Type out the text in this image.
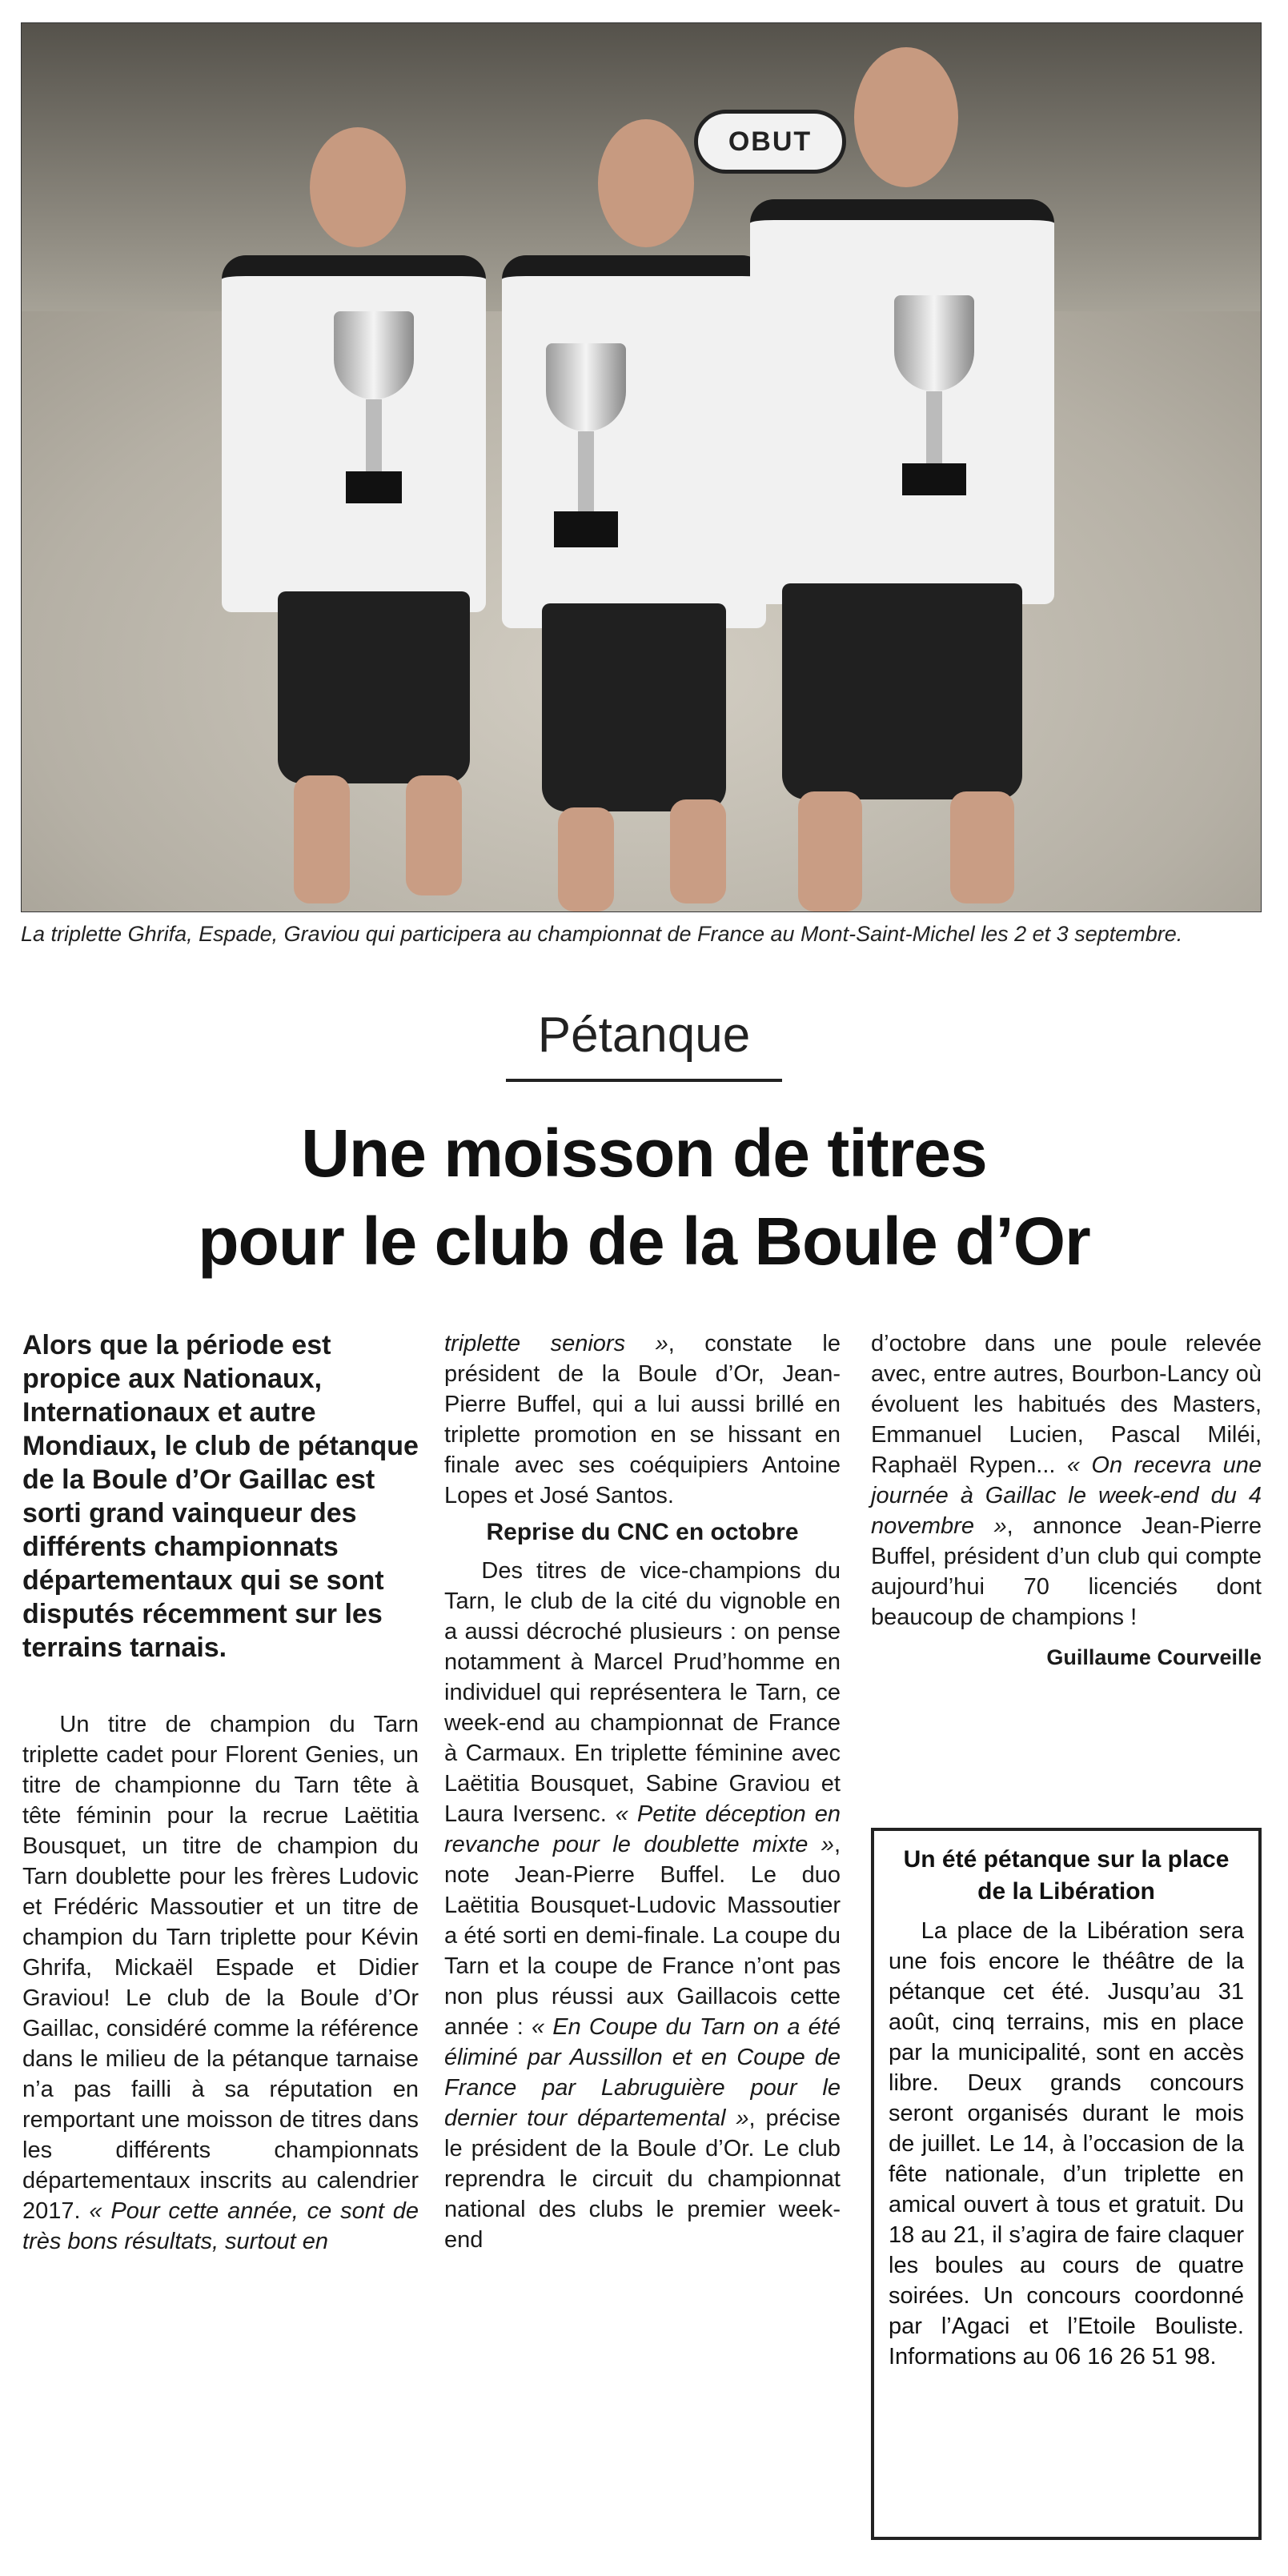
OBUT
La triplette Ghrifa, Espade, Graviou qui participera au championnat de France au Mont-Saint-Michel les 2 et 3 septembre.
Pétanque
Une moisson de titres
pour le club de la Boule d’Or

Alors que la période est propice aux Nationaux, Internationaux et autre Mondiaux, le club de pétanque de la Boule d’Or Gaillac est sorti grand vainqueur des différents championnats départementaux qui se sont disputés récemment sur les terrains tarnais.

Un titre de champion du Tarn triplette cadet pour Florent Genies, un titre de championne du Tarn tête à tête féminin pour la recrue Laëtitia Bousquet, un titre de champion du Tarn doublette pour les frères Ludovic et Frédéric Massoutier et un titre de champion du Tarn triplette pour Kévin Ghrifa, Mickaël Espade et Didier Graviou! Le club de la Boule d’Or Gaillac, considéré comme la référence dans le milieu de la pétanque tarnaise n’a pas failli à sa réputation en remportant une moisson de titres dans les différents championnats départementaux inscrits au calendrier 2017. « Pour cette année, ce sont de très bons résultats, surtout en

triplette seniors », constate le président de la Boule d’Or, Jean-Pierre Buffel, qui a lui aussi brillé en triplette promotion en se hissant en finale avec ses coéquipiers Antoine Lopes et José Santos.

Reprise du CNC en octobre

Des titres de vice-champions du Tarn, le club de la cité du vignoble en a aussi décroché plusieurs : on pense notamment à Marcel Prud’homme en individuel qui représentera le Tarn, ce week-end au championnat de France à Carmaux. En triplette féminine avec Laëtitia Bousquet, Sabine Graviou et Laura Iversenc. « Petite déception en revanche pour le doublette mixte », note Jean-Pierre Buffel. Le duo Laëtitia Bousquet-Ludovic Massoutier a été sorti en demi-finale. La coupe du Tarn et la coupe de France n’ont pas non plus réussi aux Gaillacois cette année : « En Coupe du Tarn on a été éliminé par Aussillon et en Coupe de France par Labruguière pour le dernier tour départemental », précise le président de la Boule d’Or. Le club reprendra le circuit du championnat national des clubs le premier week-end

d’octobre dans une poule relevée avec, entre autres, Bourbon-Lancy où évoluent les habitués des Masters, Emmanuel Lucien, Pascal Miléi, Raphaël Rypen... « On recevra une journée à Gaillac le week-end du 4 novembre », annonce Jean-Pierre Buffel, président d’un club qui compte aujourd’hui 70 licenciés dont beaucoup de champions !

Guillaume Courveille
Un été pétanque sur la place de la Libération

La place de la Libération sera une fois encore le théâtre de la pétanque cet été. Jusqu’au 31 août, cinq terrains, mis en place par la municipalité, sont en accès libre. Deux grands concours seront organisés durant le mois de juillet. Le 14, à l’occasion de la fête nationale, d’un triplette en amical ouvert à tous et gratuit. Du 18 au 21, il s’agira de faire claquer les boules au cours de quatre soirées. Un concours coordonné par l’Agaci et l’Etoile Bouliste. Informations au 06 16 26 51 98.
